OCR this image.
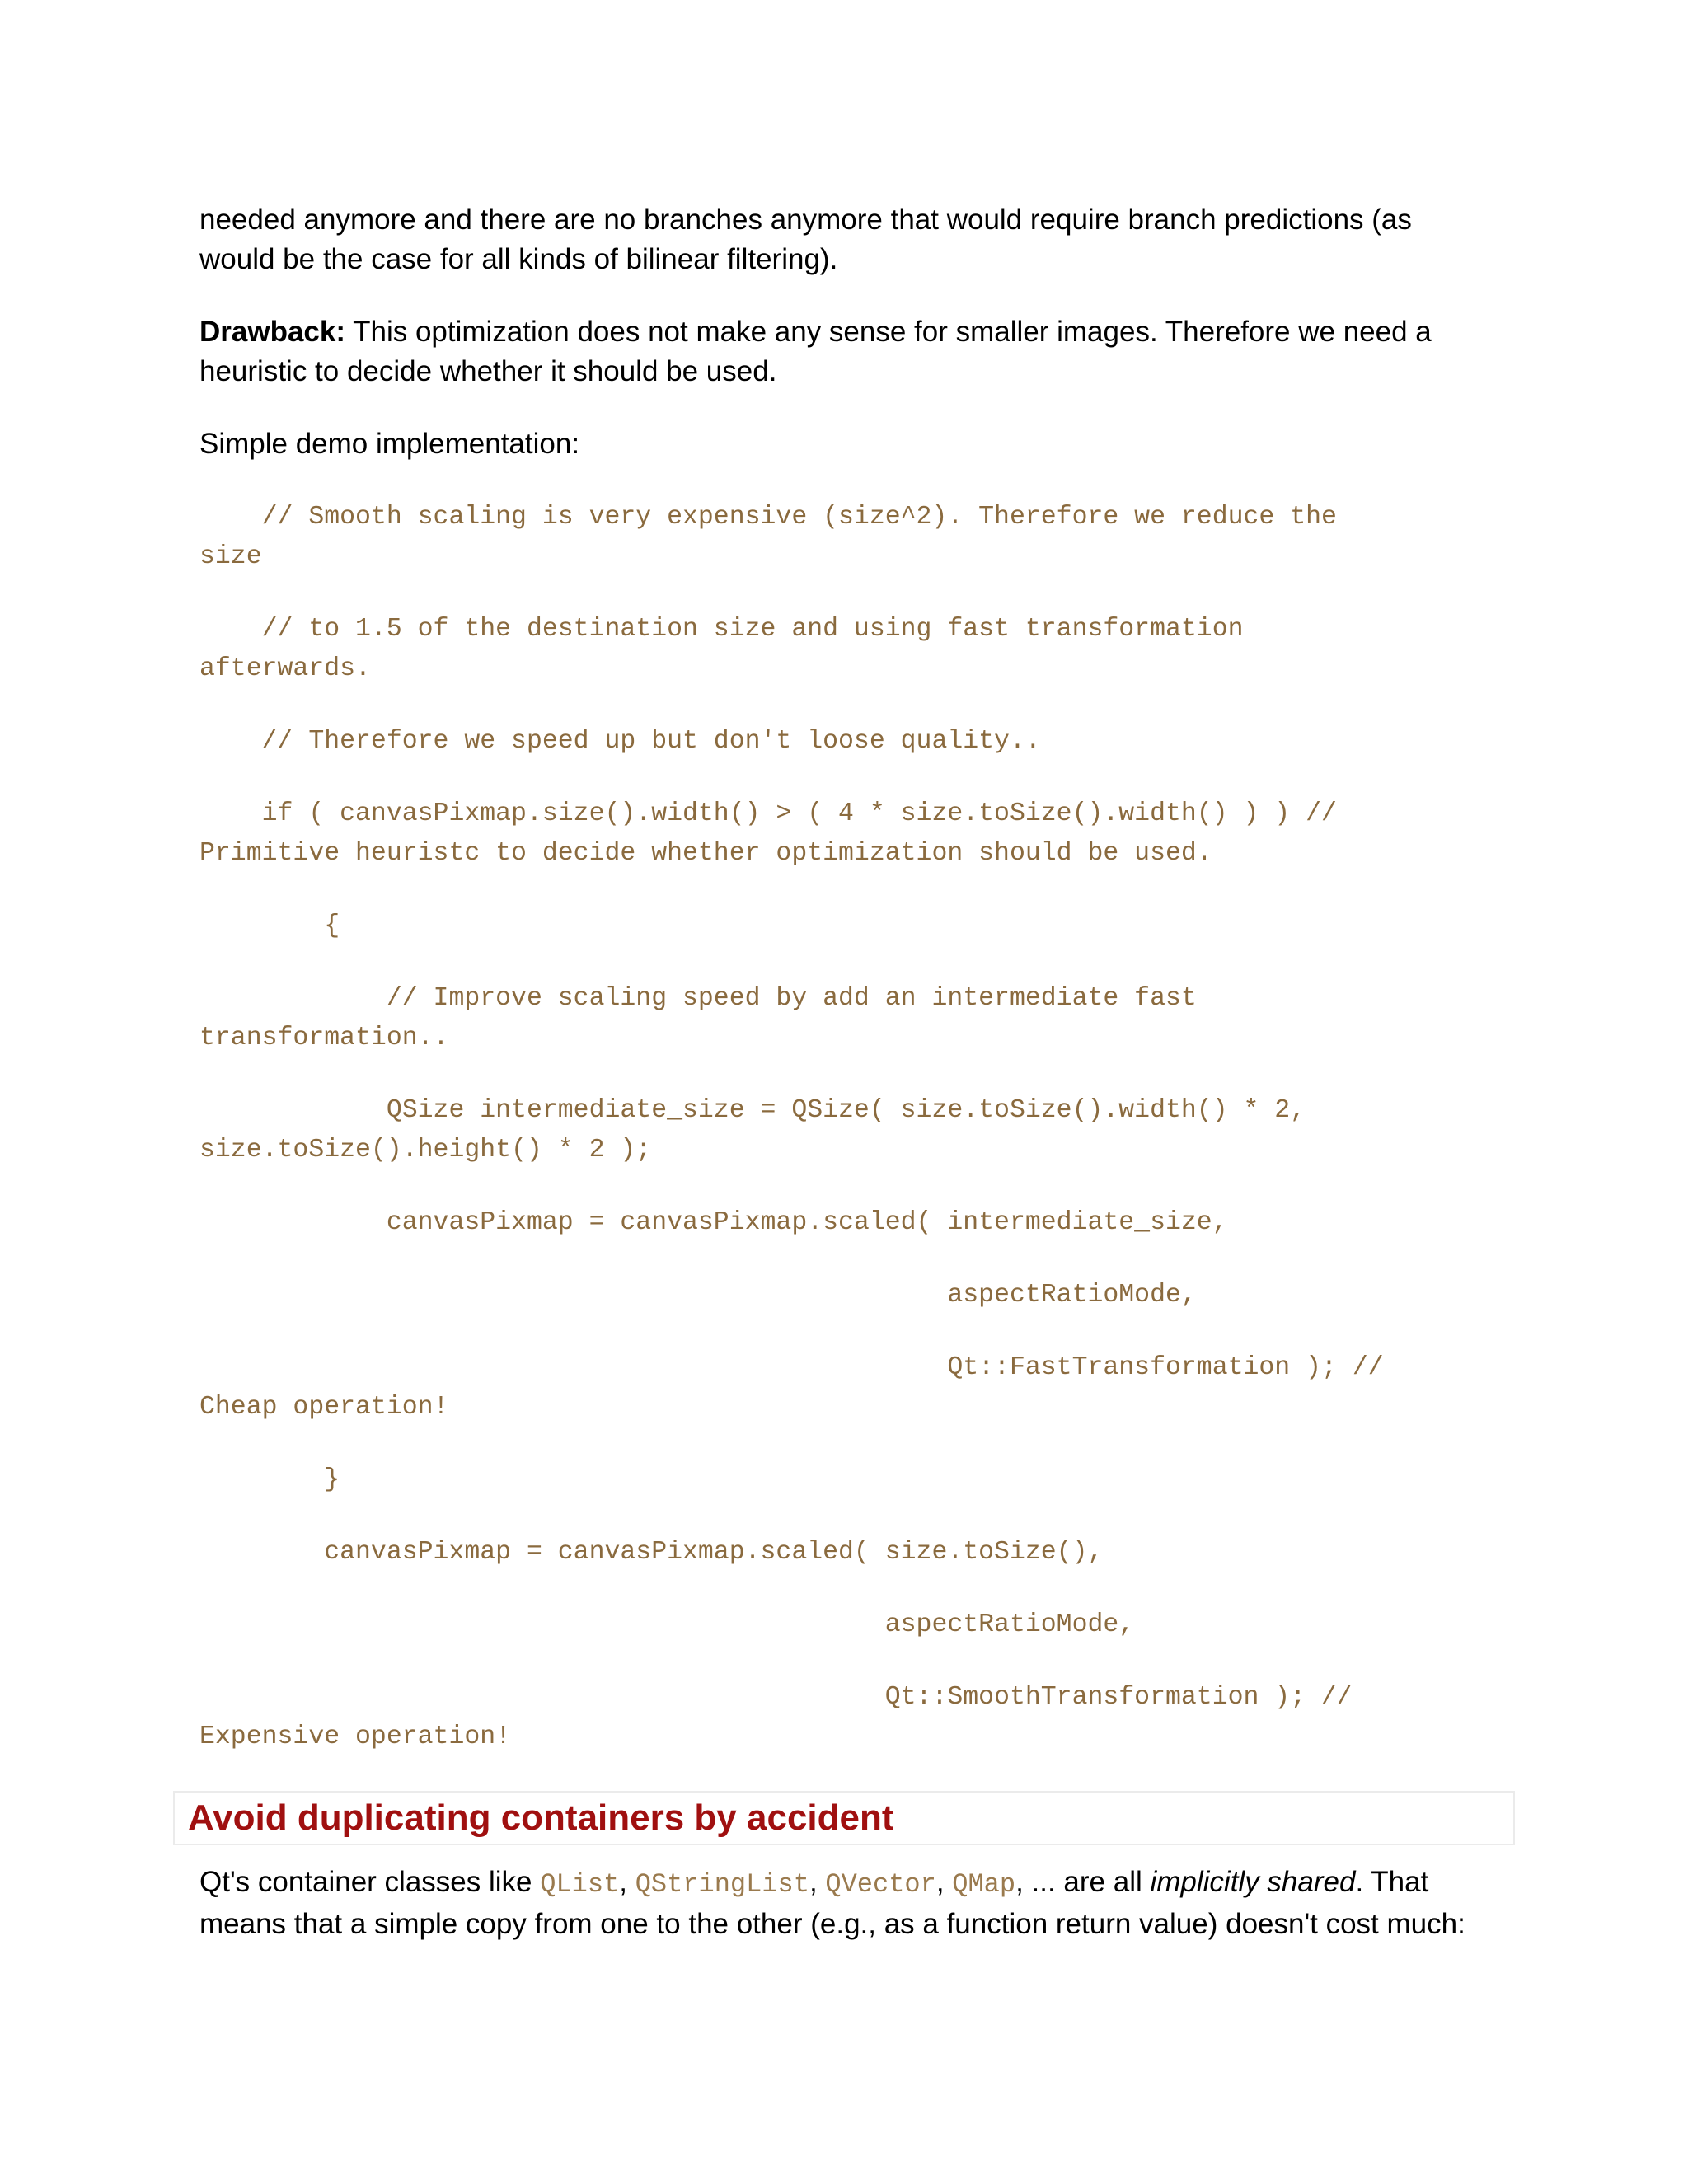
needed anymore and there are no branches anymore that would require branch predictions (as
would be the case for all kinds of bilinear filtering).

Drawback: This optimization does not make any sense for smaller images. Therefore we need a
heuristic to decide whether it should be used.

Simple demo implementation:

// Smooth scaling is very expensive (size^2). Therefore we reduce the
size
// to 1.5 of the destination size and using fast transformation
afterwards.
// Therefore we speed up but don't loose quality..
if ( canvasPixmap.size().width() > ( 4 * size.toSize().width() ) ) //
Primitive heuristc to decide whether optimization should be used.
{
// Improve scaling speed by add an intermediate fast
transformation..
QSize intermediate_size = QSize( size.toSize().width() * 2,
size.toSize().height() * 2 );
canvasPixmap = canvasPixmap.scaled( intermediate_size,
aspectRatioMode,
Qt::FastTransformation ); //
Cheap operation!
}
canvasPixmap = canvasPixmap.scaled( size.toSize(),
aspectRatioMode,
Qt::SmoothTransformation ); //
Expensive operation!
Avoid duplicating containers by accident

Qt's container classes like QList, QStringList, QVector, QMap, ... are all implicitly shared. That
means that a simple copy from one to the other (e.g., as a function return value) doesn't cost much:
